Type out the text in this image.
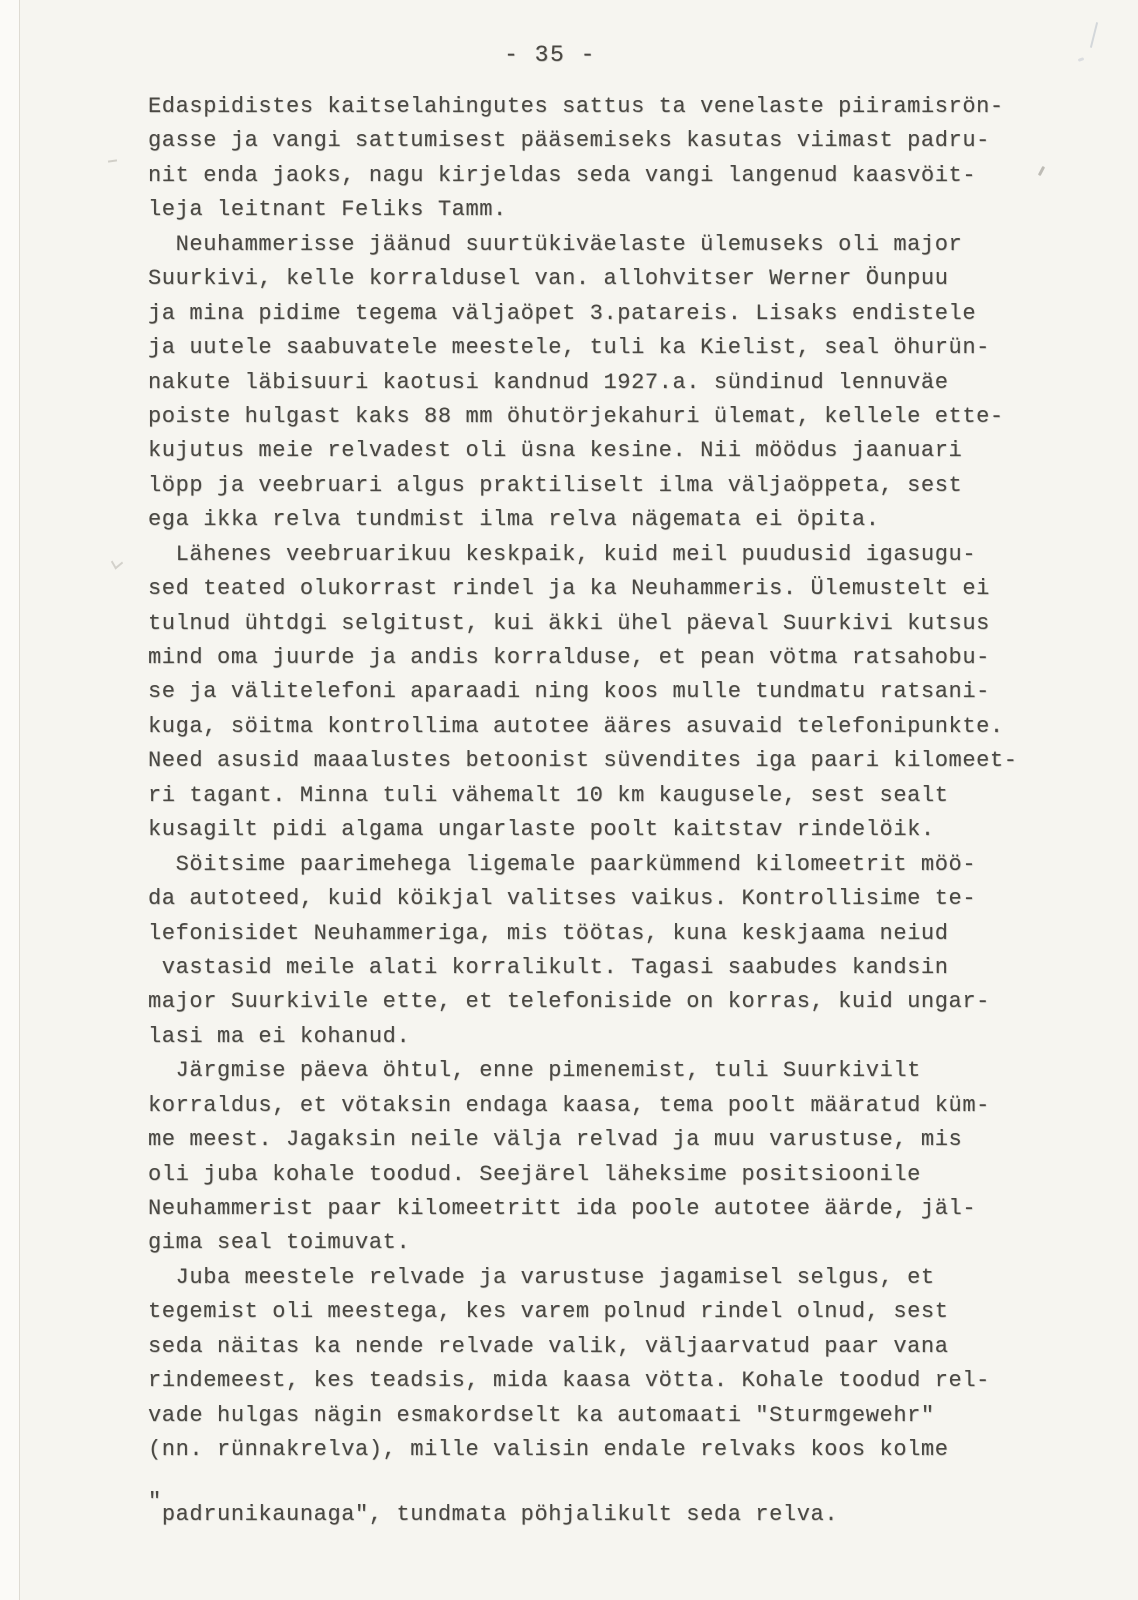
- 35 -
Edaspidistes kaitselahingutes sattus ta venelaste piiramisrön-
gasse ja vangi sattumisest pääsemiseks kasutas viimast padru-
nit enda jaoks, nagu kirjeldas seda vangi langenud kaasvöit-
leja leitnant Feliks Tamm.
Neuhammerisse jäänud suurtükiväelaste ülemuseks oli major
Suurkivi, kelle korraldusel van. allohvitser Werner Öunpuu
ja mina pidime tegema väljaöpet 3.patareis. Lisaks endistele
ja uutele saabuvatele meestele, tuli ka Kielist, seal öhurün-
nakute läbisuuri kaotusi kandnud 1927.a. sündinud lennuväe
poiste hulgast kaks 88 mm öhutörjekahuri ülemat, kellele ette-
kujutus meie relvadest oli üsna kesine. Nii möödus jaanuari
löpp ja veebruari algus praktiliselt ilma väljaöppeta, sest
ega ikka relva tundmist ilma relva nägemata ei öpita.
Lähenes veebruarikuu keskpaik, kuid meil puudusid igasugu-
sed teated olukorrast rindel ja ka Neuhammeris. Ülemustelt ei
tulnud ühtdgi selgitust, kui äkki ühel päeval Suurkivi kutsus
mind oma juurde ja andis korralduse, et pean vötma ratsahobu-
se ja välitelefoni aparaadi ning koos mulle tundmatu ratsani-
kuga, söitma kontrollima autotee ääres asuvaid telefonipunkte.
Need asusid maaalustes betoonist süvendites iga paari kilomeet-
ri tagant. Minna tuli vähemalt 10 km kaugusele, sest sealt
kusagilt pidi algama ungarlaste poolt kaitstav rindelöik.
Söitsime paarimehega ligemale paarkümmend kilomeetrit möö-
da autoteed, kuid köikjal valitses vaikus. Kontrollisime te-
lefonisidet Neuhammeriga, mis töötas, kuna keskjaama neiud
vastasid meile alati korralikult. Tagasi saabudes kandsin
major Suurkivile ette, et telefoniside on korras, kuid ungar-
lasi ma ei kohanud.
Järgmise päeva öhtul, enne pimenemist, tuli Suurkivilt
korraldus, et vötaksin endaga kaasa, tema poolt määratud küm-
me meest. Jagaksin neile välja relvad ja muu varustuse, mis
oli juba kohale toodud. Seejärel läheksime positsioonile
Neuhammerist paar kilomeetritt ida poole autotee äärde, jäl-
gima seal toimuvat.
Juba meestele relvade ja varustuse jagamisel selgus, et
tegemist oli meestega, kes varem polnud rindel olnud, sest
seda näitas ka nende relvade valik, väljaarvatud paar vana
rindemeest, kes teadsis, mida kaasa vötta. Kohale toodud rel-
vade hulgas nägin esmakordselt ka automaati "Sturmgewehr"
(nn. rünnakrelva), mille valisin endale relvaks koos kolme
"padrunikaunaga", tundmata pöhjalikult seda relva.
